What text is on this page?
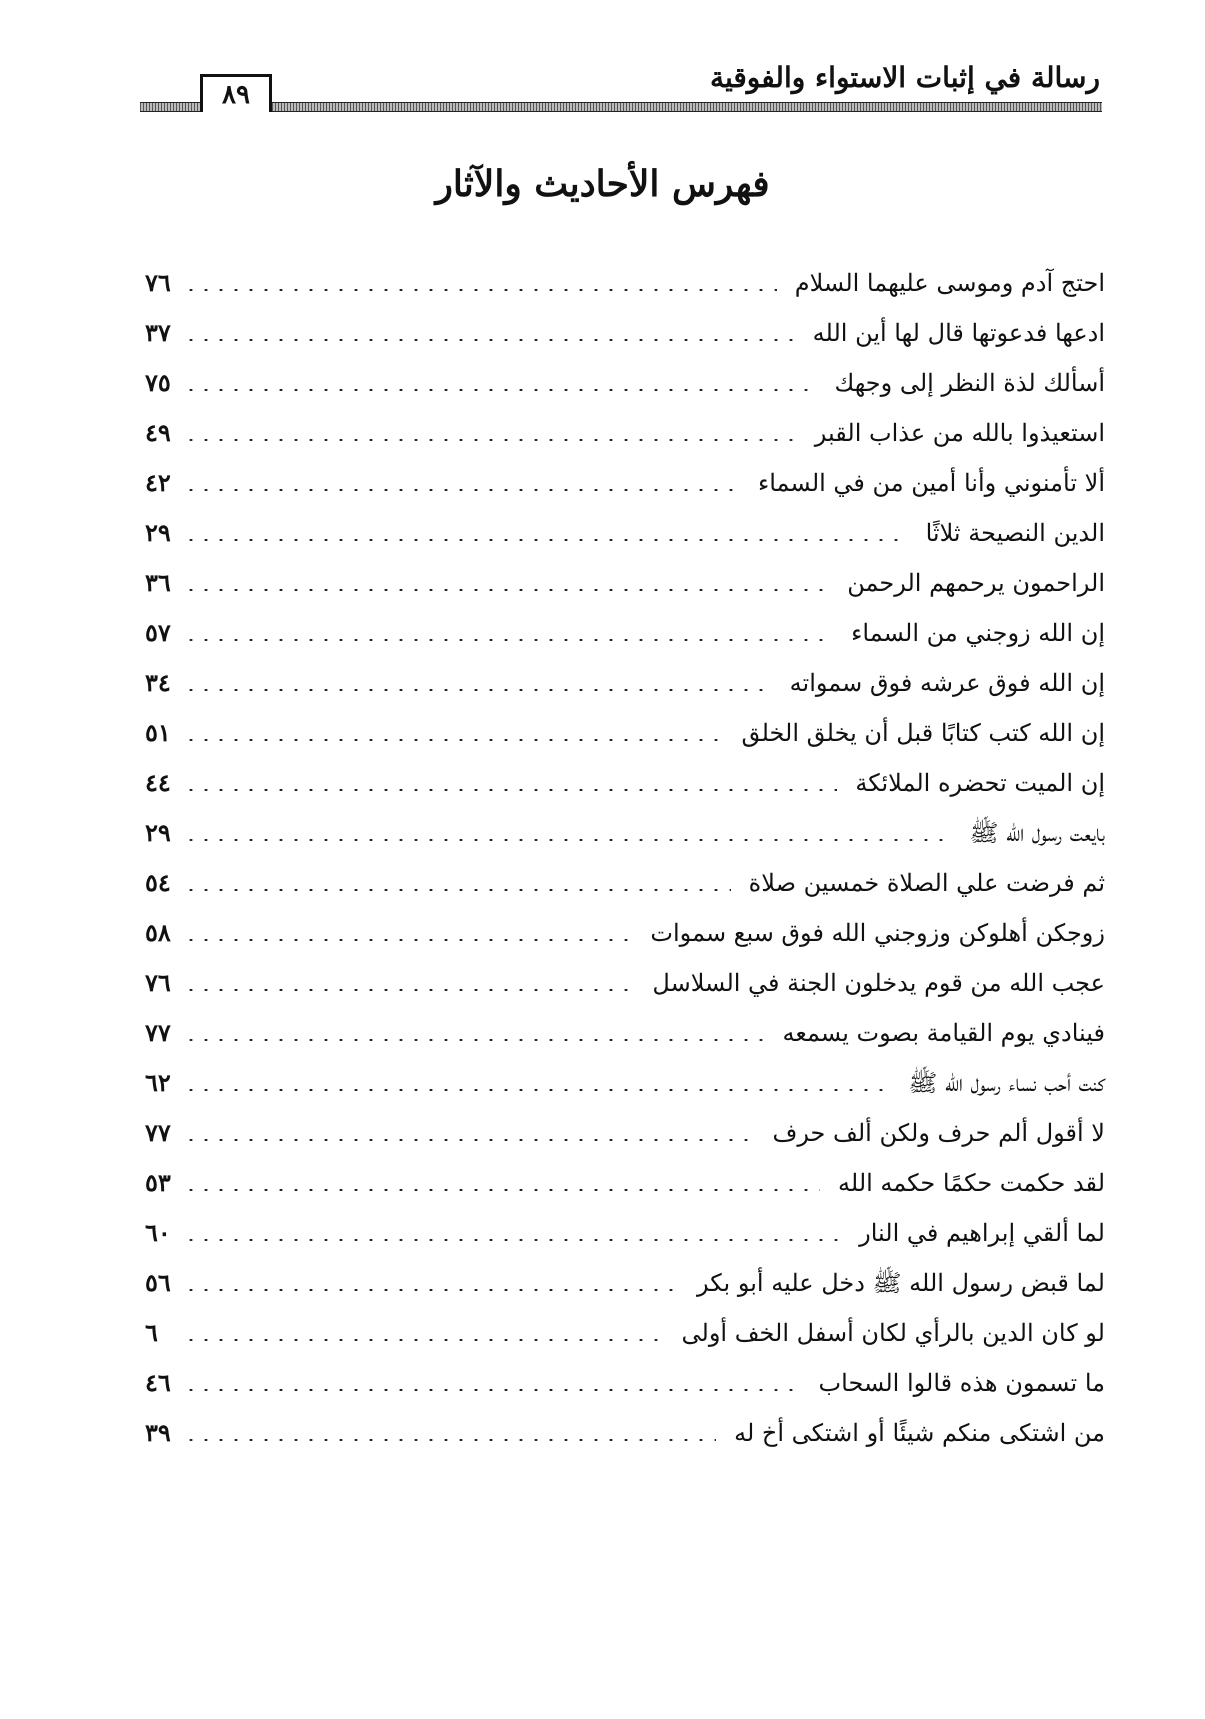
٨٩
رسالة في إثبات الاستواء والفوقية
فهرس الأحاديث والآثار
احتج آدم وموسى عليهما السلام
٧٦
ادعها فدعوتها قال لها أين الله
٣٧
أسألك لذة النظر إلى وجهك
٧٥
استعيذوا بالله من عذاب القبر
٤٩
ألا تأمنوني وأنا أمين من في السماء
٤٢
الدين النصيحة ثلاثًا
٢٩
الراحمون يرحمهم الرحمن
٣٦
إن الله زوجني من السماء
٥٧
إن الله فوق عرشه فوق سمواته
٣٤
إن الله كتب كتابًا قبل أن يخلق الخلق
٥١
إن الميت تحضره الملائكة
٤٤
بايعت رسول الله ﷺ
٢٩
ثم فرضت علي الصلاة خمسين صلاة
٥٤
زوجكن أهلوكن وزوجني الله فوق سبع سموات
٥٨
عجب الله من قوم يدخلون الجنة في السلاسل
٧٦
فينادي يوم القيامة بصوت يسمعه
٧٧
كنت أحب نساء رسول الله ﷺ
٦٢
لا أقول ألم حرف ولكن ألف حرف
٧٧
لقد حكمت حكمًا حكمه الله
٥٣
لما ألقي إبراهيم في النار
٦٠
لما قبض رسول الله ﷺ دخل عليه أبو بكر
٥٦
لو كان الدين بالرأي لكان أسفل الخف أولى
٦
ما تسمون هذه قالوا السحاب
٤٦
من اشتكى منكم شيئًا أو اشتكى أخ له
٣٩
